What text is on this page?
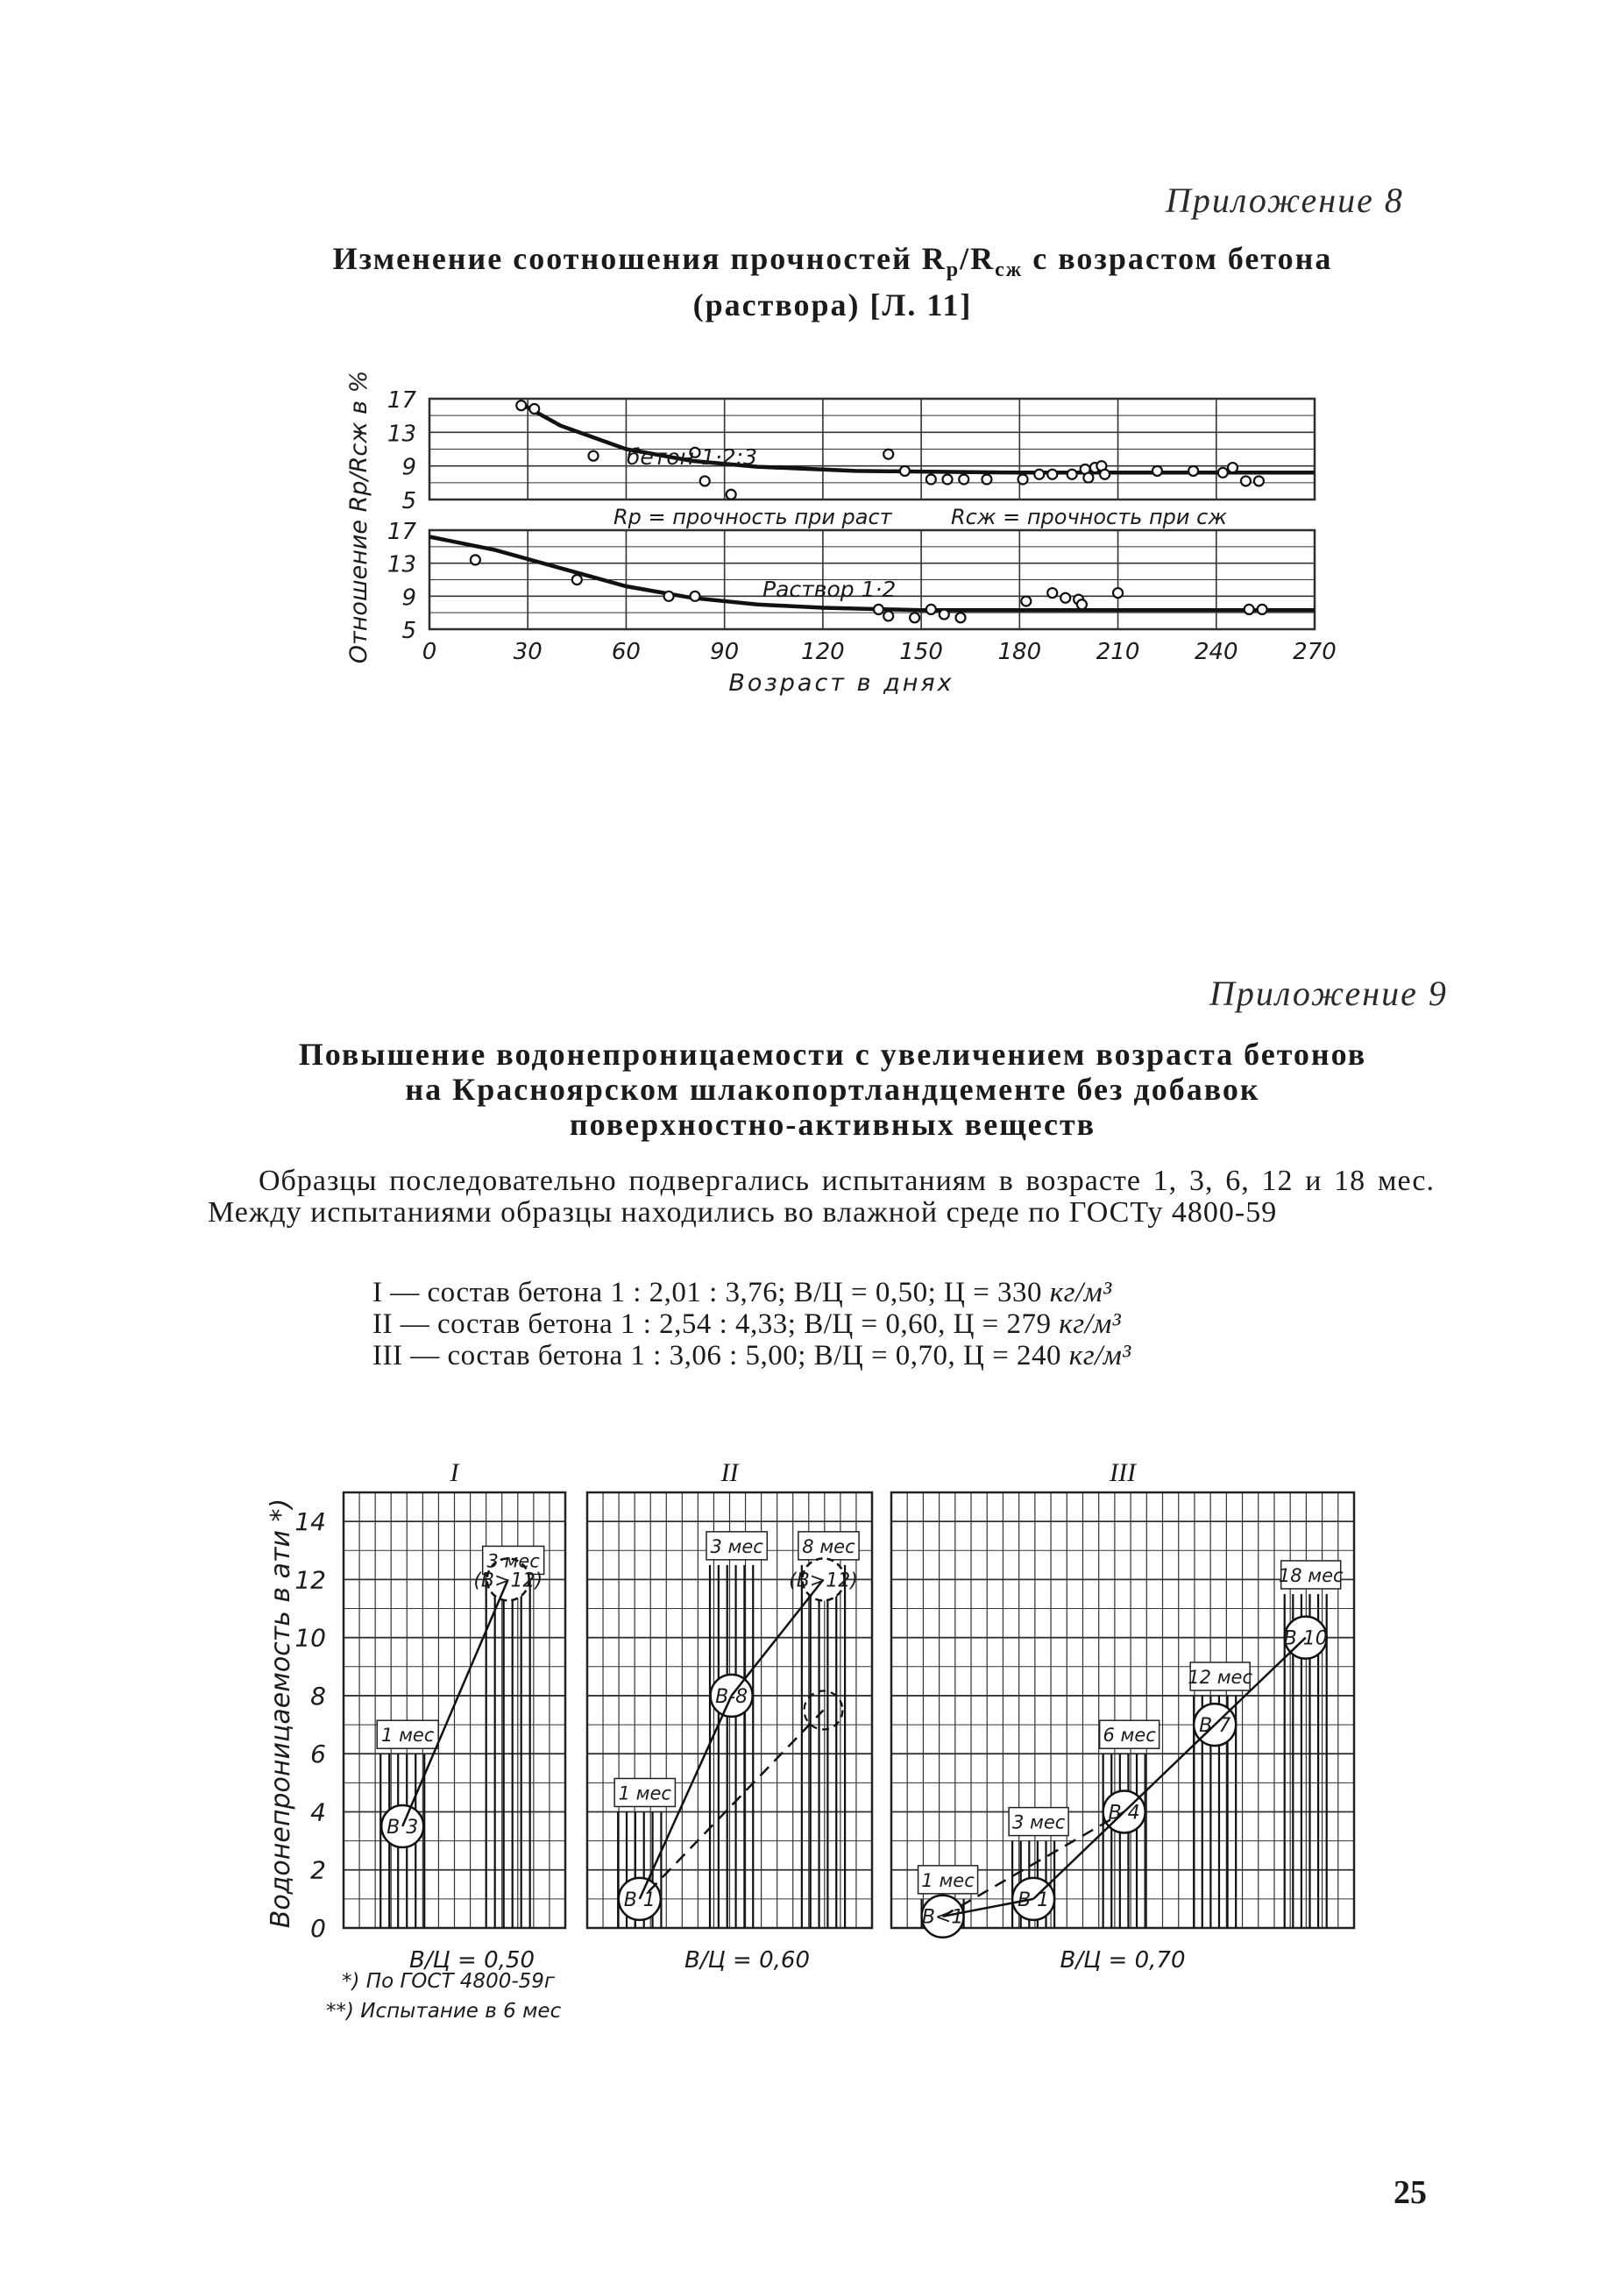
Приложение 8
Изменение соотношения прочностей $R_р/R_{сж}$ с возрастом бетона
(раствора) [Л. 11]
17
13
9
5
17
13
9
5
0	30	60	90	120 150 180 210 240 270
Возраст в днях
Отношение Rp/Rсж в %	бетон 1·2:3
Раствор 1·2
Rp = прочность при раст	Rсж = прочность при сж
Приложение 9
Повышение водонепроницаемости с увеличением возраста бетонов
на Красноярском шлакопортландцементе без добавок
поверхностно-активных веществ
Образцы последовательно подвергались испытаниям в возрасте 1, 3, 6, 12 и 18 мес. Между испытаниями образцы находились во влажной среде по ГОСТу 4800-59
I — состав бетона 1 : 2,01 : 3,76; В/Ц = 0,50; Ц = 330 кг/м³
II — состав бетона 1 : 2,54 : 4,33; В/Ц = 0,60, Ц = 279 кг/м³
III — состав бетона 1 : 3,06 : 5,00; В/Ц = 0,70, Ц = 240 кг/м³
I
В/Ц = 0,50
1 мес
В 3
3 мес
(В>12)
II
В/Ц = 0,60
1 мес
В 1
3 мес
В-8
8 мес
(В>12)
III
В/Ц = 0,70
1 мес
В<1
3 мес
В 1
6 мес
В 4
12 мес
В 7
18 мес
В 10
0
2
4
6
8
10
12
14
Водонепроницаемость в ати *)
*) По ГОСТ 4800-59г
**) Испытание в 6 мес
25
